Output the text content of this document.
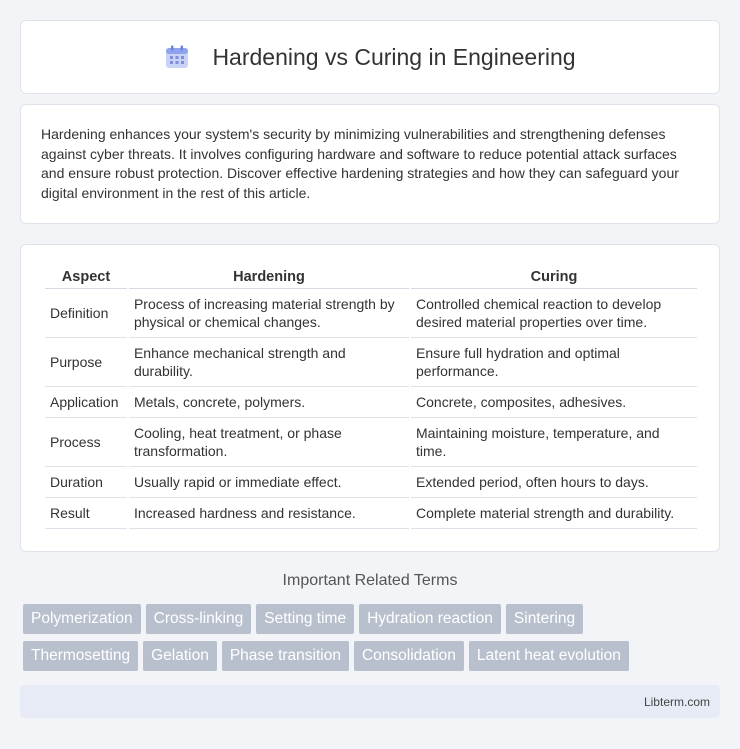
Hardening vs Curing in Engineering

Hardening enhances your system's security by minimizing vulnerabilities and strengthening defenses against cyber threats. It involves configuring hardware and software to reduce potential attack surfaces and ensure robust protection. Discover effective hardening strategies and how they can safeguard your digital environment in the rest of this article.

Aspect	Hardening	Curing
Definition	Process of increasing material strength by physical or chemical changes.	Controlled chemical reaction to develop desired material properties over time.
Purpose	Enhance mechanical strength and durability.	Ensure full hydration and optimal performance.
Application	Metals, concrete, polymers.	Concrete, composites, adhesives.
Process	Cooling, heat treatment, or phase transformation.	Maintaining moisture, temperature, and time.
Duration	Usually rapid or immediate effect.	Extended period, often hours to days.
Result	Increased hardness and resistance.	Complete material strength and durability.
Important Related Terms
Polymerization	Cross-linking	Setting time	Hydration reaction	Sintering
Thermosetting	Gelation	Phase transition	Consolidation	Latent heat evolution
Libterm.com
